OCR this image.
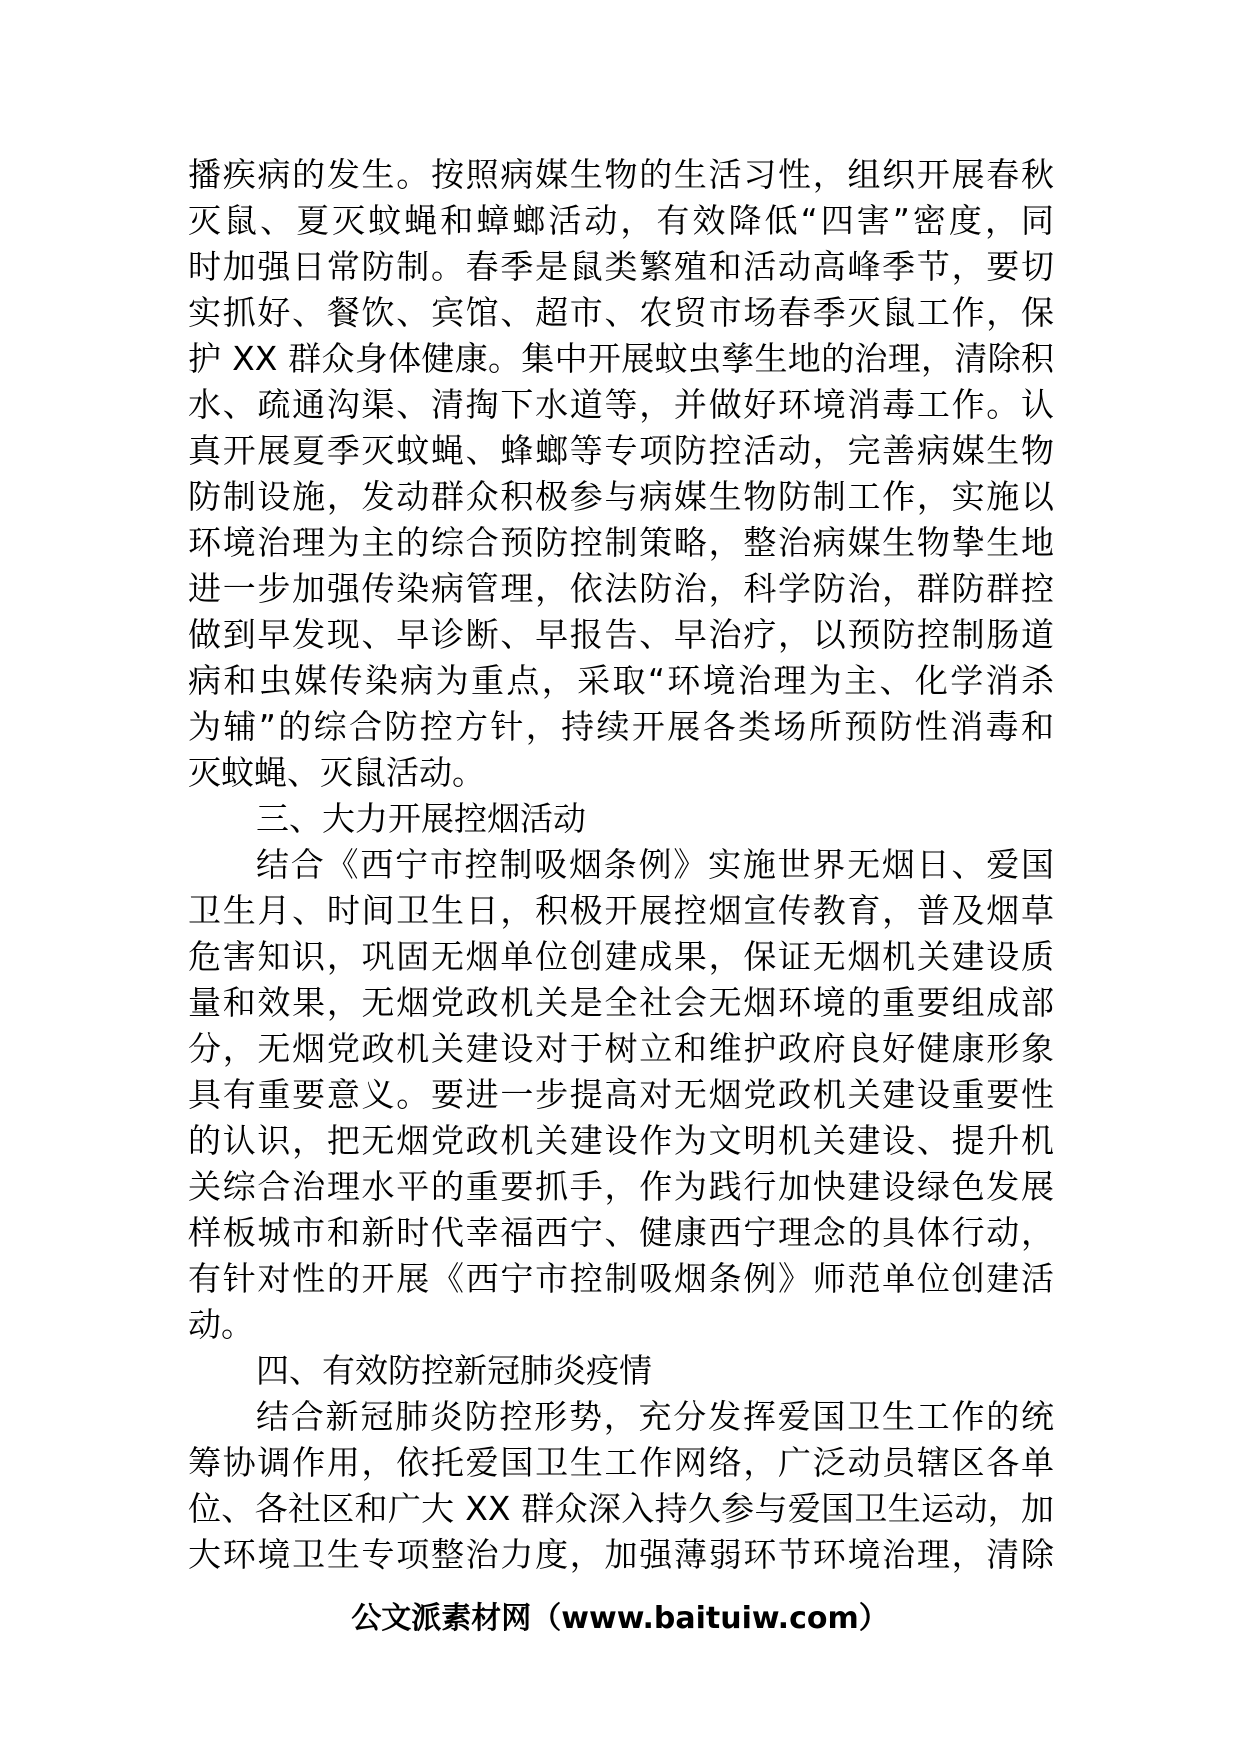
播疾病的发生。按照病媒生物的生活习性，组织开展春秋
灭鼠、夏灭蚊蝇和蟑螂活动，有效降低“四害”密度，同
时加强日常防制。春季是鼠类繁殖和活动高峰季节，要切
实抓好、餐饮、宾馆、超市、农贸市场春季灭鼠工作，保
护 XX 群众身体健康。集中开展蚊虫孳生地的治理，清除积
水、疏通沟渠、清掏下水道等，并做好环境消毒工作。认
真开展夏季灭蚊蝇、蜂螂等专项防控活动，完善病媒生物
防制设施，发动群众积极参与病媒生物防制工作，实施以
环境治理为主的综合预防控制策略，整治病媒生物挚生地
进一步加强传染病管理，依法防治，科学防治，群防群控
做到早发现、早诊断、早报告、早治疗，以预防控制肠道
病和虫媒传染病为重点，采取“环境治理为主、化学消杀
为辅”的综合防控方针，持续开展各类场所预防性消毒和
灭蚊蝇、灭鼠活动。
三、大力开展控烟活动
结合《西宁市控制吸烟条例》实施世界无烟日、爱国
卫生月、时间卫生日，积极开展控烟宣传教育，普及烟草
危害知识，巩固无烟单位创建成果，保证无烟机关建设质
量和效果，无烟党政机关是全社会无烟环境的重要组成部
分，无烟党政机关建设对于树立和维护政府良好健康形象
具有重要意义。要进一步提高对无烟党政机关建设重要性
的认识，把无烟党政机关建设作为文明机关建设、提升机
关综合治理水平的重要抓手，作为践行加快建设绿色发展
样板城市和新时代幸福西宁、健康西宁理念的具体行动，
有针对性的开展《西宁市控制吸烟条例》师范单位创建活
动。
四、有效防控新冠肺炎疫情
结合新冠肺炎防控形势，充分发挥爱国卫生工作的统
筹协调作用，依托爱国卫生工作网络，广泛动员辖区各单
位、各社区和广大 XX 群众深入持久参与爱国卫生运动，加
大环境卫生专项整治力度，加强薄弱环节环境治理，清除
公文派素材网（www.baituiw.com）
